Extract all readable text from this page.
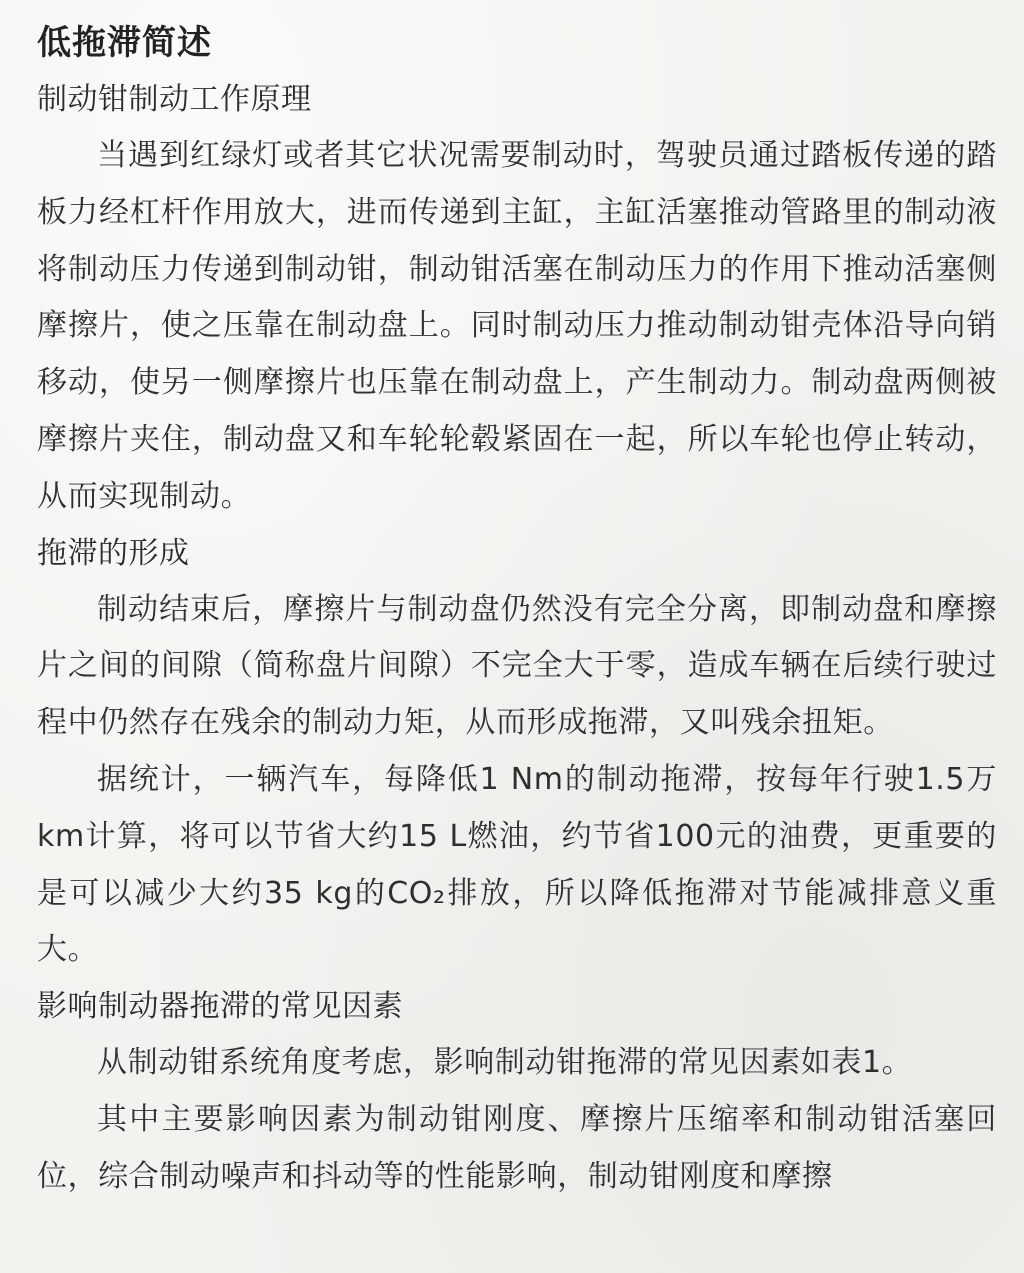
低拖滞简述
制动钳制动工作原理

当遇到红绿灯或者其它状况需要制动时，驾驶员通过踏板传递的踏板力经杠杆作用放大，进而传递到主缸，主缸活塞推动管路里的制动液将制动压力传递到制动钳，制动钳活塞在制动压力的作用下推动活塞侧摩擦片，使之压靠在制动盘上。同时制动压力推动制动钳壳体沿导向销移动，使另一侧摩擦片也压靠在制动盘上，产生制动力。制动盘两侧被摩擦片夹住，制动盘又和车轮轮毂紧固在一起，所以车轮也停止转动，从而实现制动。

拖滞的形成

制动结束后，摩擦片与制动盘仍然没有完全分离，即制动盘和摩擦片之间的间隙（简称盘片间隙）不完全大于零，造成车辆在后续行驶过程中仍然存在残余的制动力矩，从而形成拖滞，又叫残余扭矩。

据统计，一辆汽车，每降低1 Nm的制动拖滞，按每年行驶1.5万km计算，将可以节省大约15 L燃油，约节省100元的油费，更重要的是可以减少大约35 kg的CO₂排放，所以降低拖滞对节能减排意义重大。

影响制动器拖滞的常见因素

从制动钳系统角度考虑，影响制动钳拖滞的常见因素如表1。

其中主要影响因素为制动钳刚度、摩擦片压缩率和制动钳活塞回位，综合制动噪声和抖动等的性能影响，制动钳刚度和摩擦
